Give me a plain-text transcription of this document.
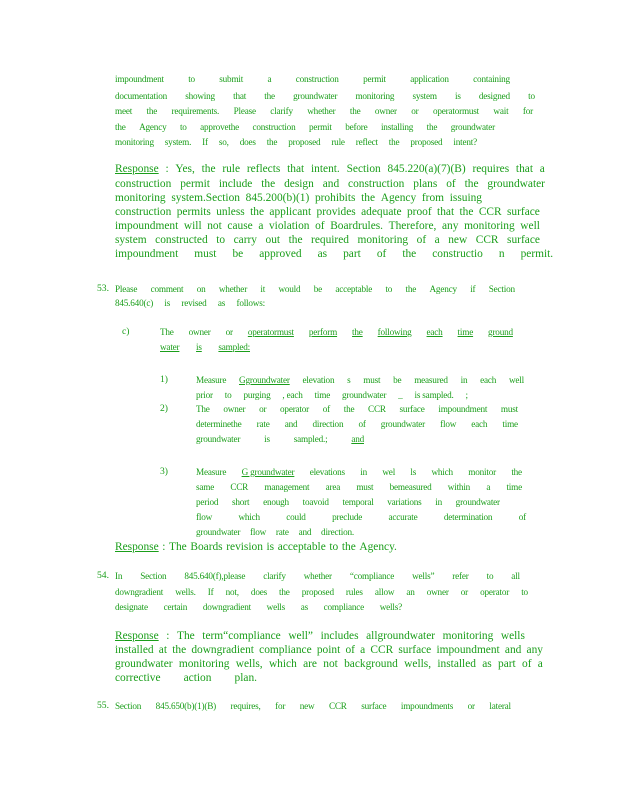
impoundment	to	submit	a	construction	permit	application	containing
documentation showing that the groundwater monitoring system is designed to
meet the requirements. Please clarify whether the owner or operatormust wait for
the Agency to approvethe construction permit before installing the groundwater
monitoring system. If so, does the proposed rule reflect the proposed intent?
Response : Yes, the rule reflects that intent. Section 845.220(a)(7)(B) requires that a
construction permit include the design and construction plans of the groundwater
monitoring system.Section 845.200(b)(1) prohibits the Agency from issuing
construction permits unless the applicant provides adequate proof that the CCR surface
impoundment will not cause a violation of Boardrules. Therefore, any monitoring well
system constructed to carry out the required monitoring of a new CCR surface
impoundment must be approved as part of the constructio n permit.
53. Please comment on whether it would be acceptable to the Agency if Section
845.640(c) is revised as follows:
c)	The owner or operatormust perform the following each time ground
water is sampled:
1)	Measure Ggroundwater elevation s must be measured in each well
prior to purging , each time groundwater _ is sampled. ;
2)	The owner or operator of the CCR surface impoundment must
determinethe rate and direction of groundwater flow each time
groundwater	is	sampled.;	and
3)	Measure G groundwater elevations in wel ls which monitor the
same CCR management area must bemeasured within a time
period short enough toavoid temporal variations in groundwater
flow	which	could	preclude	accurate	determination	of
groundwater flow rate and direction.
Response : The Boards revision is acceptable to the Agency.
54. In Section 845.640(f),please clarify whether “compliance wells” refer to all
downgradient wells. If not, does the proposed rules allow an owner or operator to
designate certain downgradient wells as compliance wells?
Response : The term“compliance well” includes allgroundwater monitoring wells
installed at the downgradient compliance point of a CCR surface impoundment and any
groundwater monitoring wells, which are not background wells, installed as part of a
corrective action plan.
55. Section 845.650(b)(1)(B) requires, for new CCR surface impoundments or lateral
